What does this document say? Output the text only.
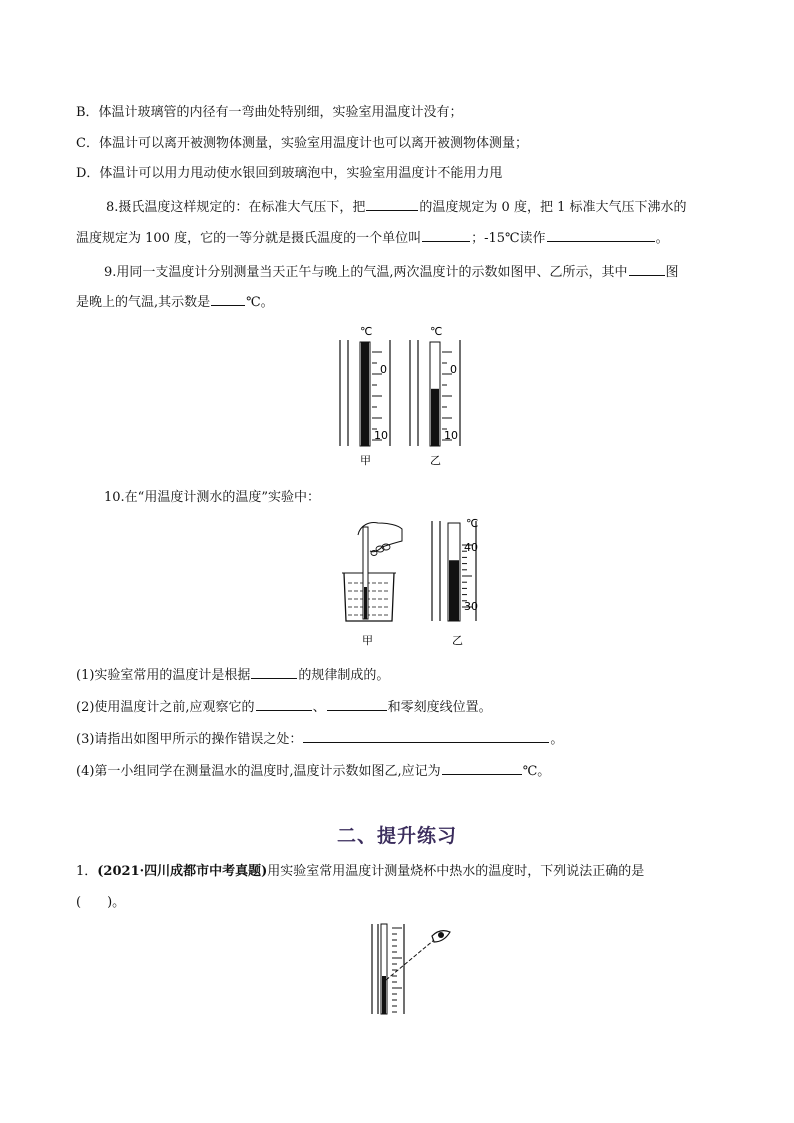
B．体温计玻璃管的内径有一弯曲处特别细，实验室用温度计没有；
C．体温计可以离开被测物体测量，实验室用温度计也可以离开被测物体测量；
D．体温计可以用力甩动使水银回到玻璃泡中，实验室用温度计不能用力甩
8.摄氏温度这样规定的：在标准大气压下，把	的温度规定为 0 度，把 1 标准大气压下沸水的
温度规定为 100 度，它的一等分就是摄氏温度的一个单位叫	；-15℃读作	。
9.用同一支温度计分别测量当天正午与晚上的气温,两次温度计的示数如图甲、乙所示，其中	图
是晚上的气温,其示数是	℃。
℃
0
10
甲
℃
0
10
乙
10.在“用温度计测水的温度”实验中：
甲
℃
40
30
乙
(1)实验室常用的温度计是根据	的规律制成的。
(2)使用温度计之前,应观察它的	、	和零刻度线位置。
(3)请指出如图甲所示的操作错误之处：	。
(4)第一小组同学在测量温水的温度时,温度计示数如图乙,应记为	℃。
二、提升练习
1．(2021·四川成都市中考真题)用实验室常用温度计测量烧杯中热水的温度时，下列说法正确的是
(　　)。
